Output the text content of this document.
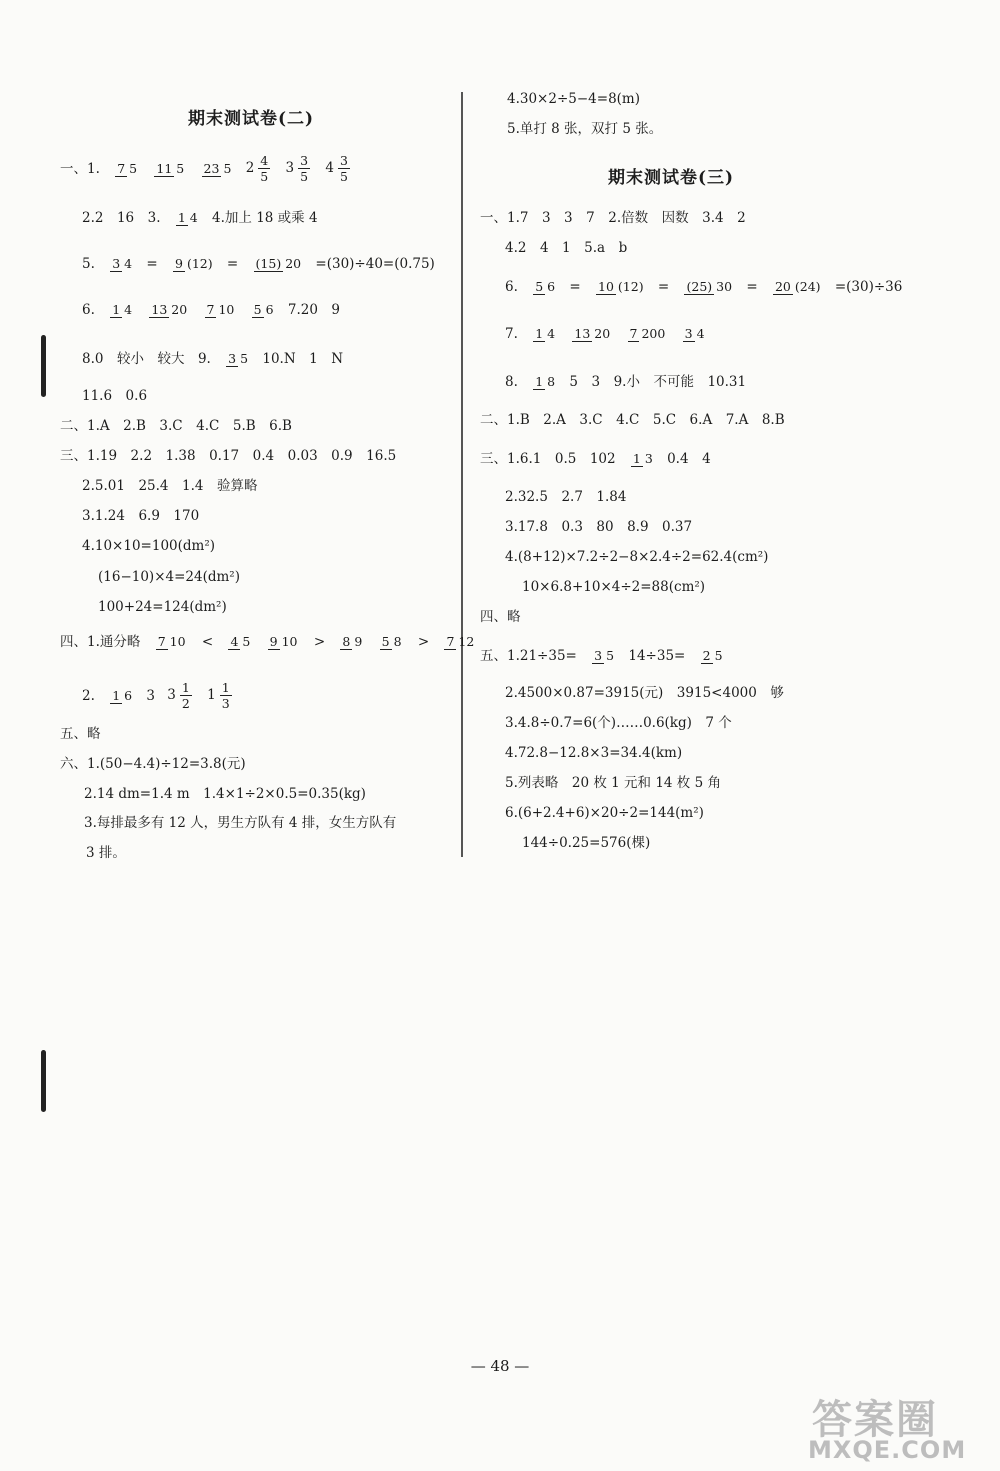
期末测试卷(二)
一、1. 7 5 11 5 23 5 $2 \frac{4}{5} 3 \frac{3}{5} 4 \frac{3}{5}$
2.2　16　3. 1 4 4.加上 18 或乘 4
5. 3 4 = 9 (12) = (15) 20 =(30)÷40=(0.75)
6. 1 4 13 20 7 10 5 6 7.20　9
8.0　较小　较大　9. 3 5 10.N　1　N
11.6　0.6
二、1.A　2.B　3.C　4.C　5.B　6.B
三、1.19　2.2　1.38　0.17　0.4　0.03　0.9　16.5
2.5.01　25.4　1.4　验算略
3.1.24　6.9　170
4.10×10=100(dm²)
(16−10)×4=24(dm²)
100+24=124(dm²)
四、1.通分略 7 10 < 4 5 9 10 > 8 9 5 8 > 7 12
2. 1 6 3 $3 \frac{1}{2} 1 \frac{1}{3}$
五、略
六、1.(50−4.4)÷12=3.8(元)
2.14 dm=1.4 m　1.4×1÷2×0.5=0.35(kg)
3.每排最多有 12 人，男生方队有 4 排，女生方队有
3 排。
4.30×2÷5−4=8(m)
5.单打 8 张，双打 5 张。
期末测试卷(三)
一、1.7　3　3　7　2.倍数　因数　3.4　2
4.2　4　1　5.a　b
6. 5 6 = 10 (12) = (25) 30 = 20 (24) =(30)÷36
7. 1 4 13 20 7 200 3 4
8. 1 8 5　3　9.小　不可能　10.31
二、1.B　2.A　3.C　4.C　5.C　6.A　7.A　8.B
三、1.6.1　0.5　102 1 3 0.4　4
2.32.5　2.7　1.84
3.17.8　0.3　80　8.9　0.37
4.(8+12)×7.2÷2−8×2.4÷2=62.4(cm²)
10×6.8+10×4÷2=88(cm²)
四、略
五、1.21÷35= 3 5 14÷35= 2 5
2.4500×0.87=3915(元)　3915<4000　够
3.4.8÷0.7=6(个)……0.6(kg)　7 个
4.72.8−12.8×3=34.4(km)
5.列表略　20 枚 1 元和 14 枚 5 角
6.(6+2.4+6)×20÷2=144(m²)
144÷0.25=576(棵)
— 48 —
答案圈
MXQE.COM
